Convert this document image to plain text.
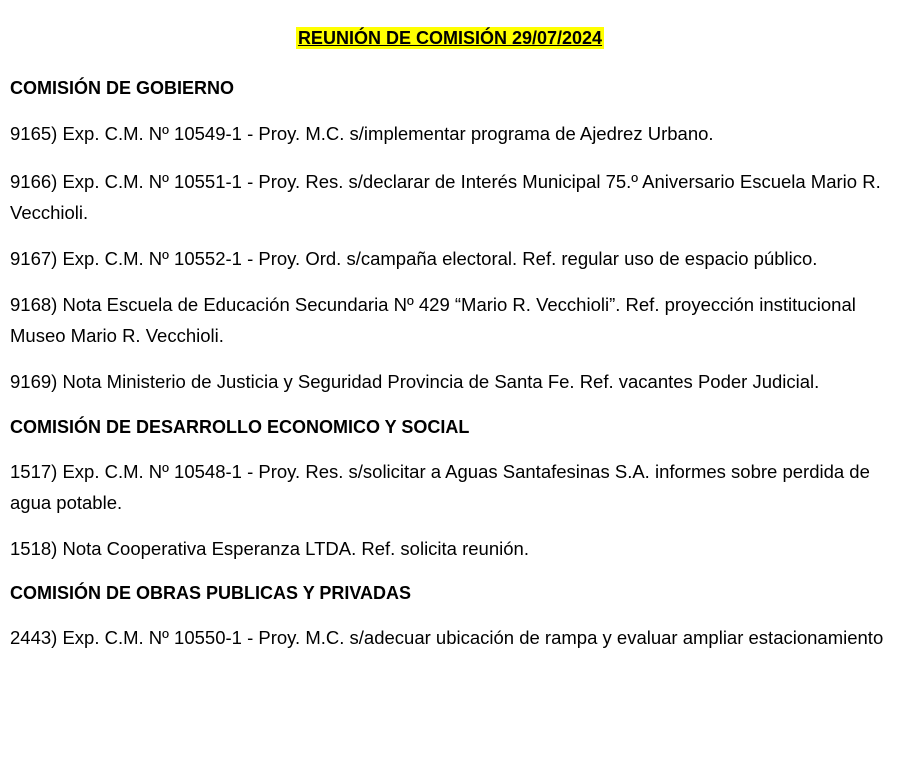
REUNIÓN DE COMISIÓN 29/07/2024

COMISIÓN DE GOBIERNO

9165) Exp. C.M. Nº 10549-1 - Proy. M.C. s/implementar programa de Ajedrez Urbano.

9166) Exp. C.M. Nº 10551-1 - Proy. Res. s/declarar de Interés Municipal 75.º Aniversario Escuela Mario R. Vecchioli.

9167) Exp. C.M. Nº 10552-1 - Proy. Ord. s/campaña electoral. Ref. regular uso de espacio público.

9168) Nota Escuela de Educación Secundaria Nº 429 “Mario R. Vecchioli”. Ref. proyección institucional Museo Mario R. Vecchioli.

9169) Nota Ministerio de Justicia y Seguridad Provincia de Santa Fe. Ref. vacantes Poder Judicial.

COMISIÓN DE DESARROLLO ECONOMICO Y SOCIAL

1517) Exp. C.M. Nº 10548-1 - Proy. Res. s/solicitar a Aguas Santafesinas S.A. informes sobre perdida de agua potable.

1518) Nota Cooperativa Esperanza LTDA. Ref. solicita reunión.

COMISIÓN DE OBRAS PUBLICAS Y PRIVADAS

2443) Exp. C.M. Nº 10550-1 - Proy. M.C. s/adecuar ubicación de rampa y evaluar ampliar estacionamiento
